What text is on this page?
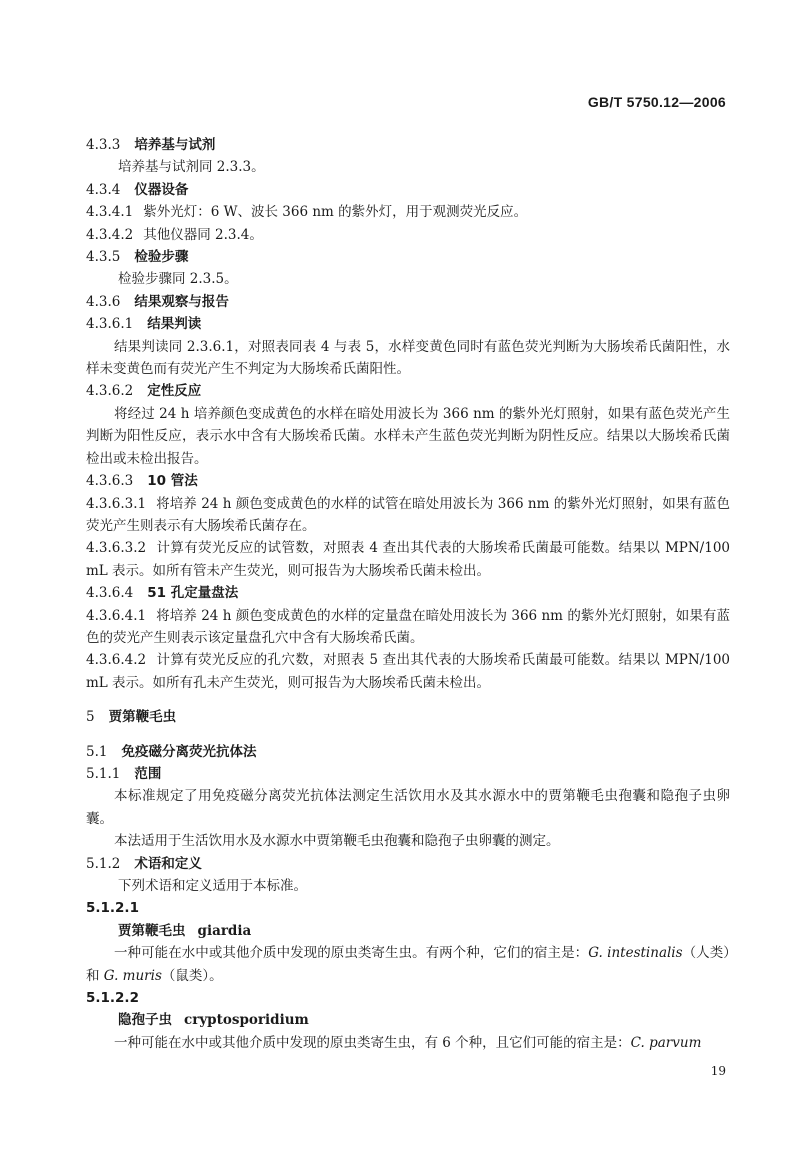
GB/T 5750.12—2006
4.3.3 培养基与试剂
培养基与试剂同 2.3.3。
4.3.4 仪器设备
4.3.4.1 紫外光灯：6 W、波长 366 nm 的紫外灯，用于观测荧光反应。
4.3.4.2 其他仪器同 2.3.4。
4.3.5 检验步骤
检验步骤同 2.3.5。
4.3.6 结果观察与报告
4.3.6.1 结果判读
结果判读同 2.3.6.1，对照表同表 4 与表 5，水样变黄色同时有蓝色荧光判断为大肠埃希氏菌阳性，水样未变黄色而有荧光产生不判定为大肠埃希氏菌阳性。
4.3.6.2 定性反应
将经过 24 h 培养颜色变成黄色的水样在暗处用波长为 366 nm 的紫外光灯照射，如果有蓝色荧光产生判断为阳性反应，表示水中含有大肠埃希氏菌。水样未产生蓝色荧光判断为阴性反应。结果以大肠埃希氏菌检出或未检出报告。
4.3.6.3 10 管法
4.3.6.3.1 将培养 24 h 颜色变成黄色的水样的试管在暗处用波长为 366 nm 的紫外光灯照射，如果有蓝色荧光产生则表示有大肠埃希氏菌存在。
4.3.6.3.2 计算有荧光反应的试管数，对照表 4 查出其代表的大肠埃希氏菌最可能数。结果以 MPN/100 mL 表示。如所有管未产生荧光，则可报告为大肠埃希氏菌未检出。
4.3.6.4 51 孔定量盘法
4.3.6.4.1 将培养 24 h 颜色变成黄色的水样的定量盘在暗处用波长为 366 nm 的紫外光灯照射，如果有蓝色的荧光产生则表示该定量盘孔穴中含有大肠埃希氏菌。
4.3.6.4.2 计算有荧光反应的孔穴数，对照表 5 查出其代表的大肠埃希氏菌最可能数。结果以 MPN/100 mL 表示。如所有孔未产生荧光，则可报告为大肠埃希氏菌未检出。
5 贾第鞭毛虫
5.1 免疫磁分离荧光抗体法
5.1.1 范围
本标准规定了用免疫磁分离荧光抗体法测定生活饮用水及其水源水中的贾第鞭毛虫孢囊和隐孢子虫卵囊。
本法适用于生活饮用水及水源水中贾第鞭毛虫孢囊和隐孢子虫卵囊的测定。
5.1.2 术语和定义
下列术语和定义适用于本标准。
5.1.2.1
贾第鞭毛虫 giardia
一种可能在水中或其他介质中发现的原虫类寄生虫。有两个种，它们的宿主是：G. intestinalis（人类）和 G. muris（鼠类）。
5.1.2.2
隐孢子虫 cryptosporidium
一种可能在水中或其他介质中发现的原虫类寄生虫，有 6 个种，且它们可能的宿主是：C. parvum
19
